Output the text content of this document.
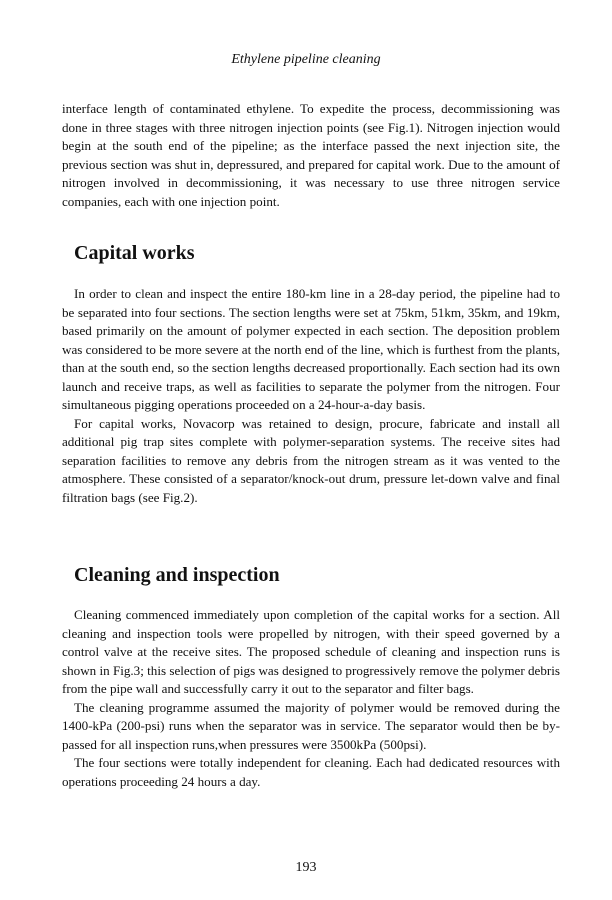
Ethylene pipeline cleaning

interface length of contaminated ethylene. To expedite the process, decommissioning was done in three stages with three nitrogen injection points (see Fig.1). Nitrogen injection would begin at the south end of the pipeline; as the interface passed the next injection site, the previous section was shut in, depressured, and prepared for capital work. Due to the amount of nitrogen involved in decommissioning, it was necessary to use three nitrogen service companies, each with one injection point.

Capital works

In order to clean and inspect the entire 180-km line in a 28-day period, the pipeline had to be separated into four sections. The section lengths were set at 75km, 51km, 35km, and 19km, based primarily on the amount of polymer expected in each section. The deposition problem was considered to be more severe at the north end of the line, which is furthest from the plants, than at the south end, so the section lengths decreased proportionally. Each section had its own launch and receive traps, as well as facilities to separate the polymer from the nitrogen. Four simultaneous pigging operations proceeded on a 24-hour-a-day basis.

For capital works, Novacorp was retained to design, procure, fabricate and install all additional pig trap sites complete with polymer-separation systems. The receive sites had separation facilities to remove any debris from the nitrogen stream as it was vented to the atmosphere. These consisted of a separator/knock-out drum, pressure let-down valve and final filtration bags (see Fig.2).

Cleaning and inspection

Cleaning commenced immediately upon completion of the capital works for a section. All cleaning and inspection tools were propelled by nitrogen, with their speed governed by a control valve at the receive sites. The proposed schedule of cleaning and inspection runs is shown in Fig.3; this selection of pigs was designed to progressively remove the polymer debris from the pipe wall and successfully carry it out to the separator and filter bags.

The cleaning programme assumed the majority of polymer would be removed during the 1400-kPa (200-psi) runs when the separator was in service. The separator would then be by-passed for all inspection runs,when pressures were 3500kPa (500psi).

The four sections were totally independent for cleaning. Each had dedicated resources with operations proceeding 24 hours a day.

193
